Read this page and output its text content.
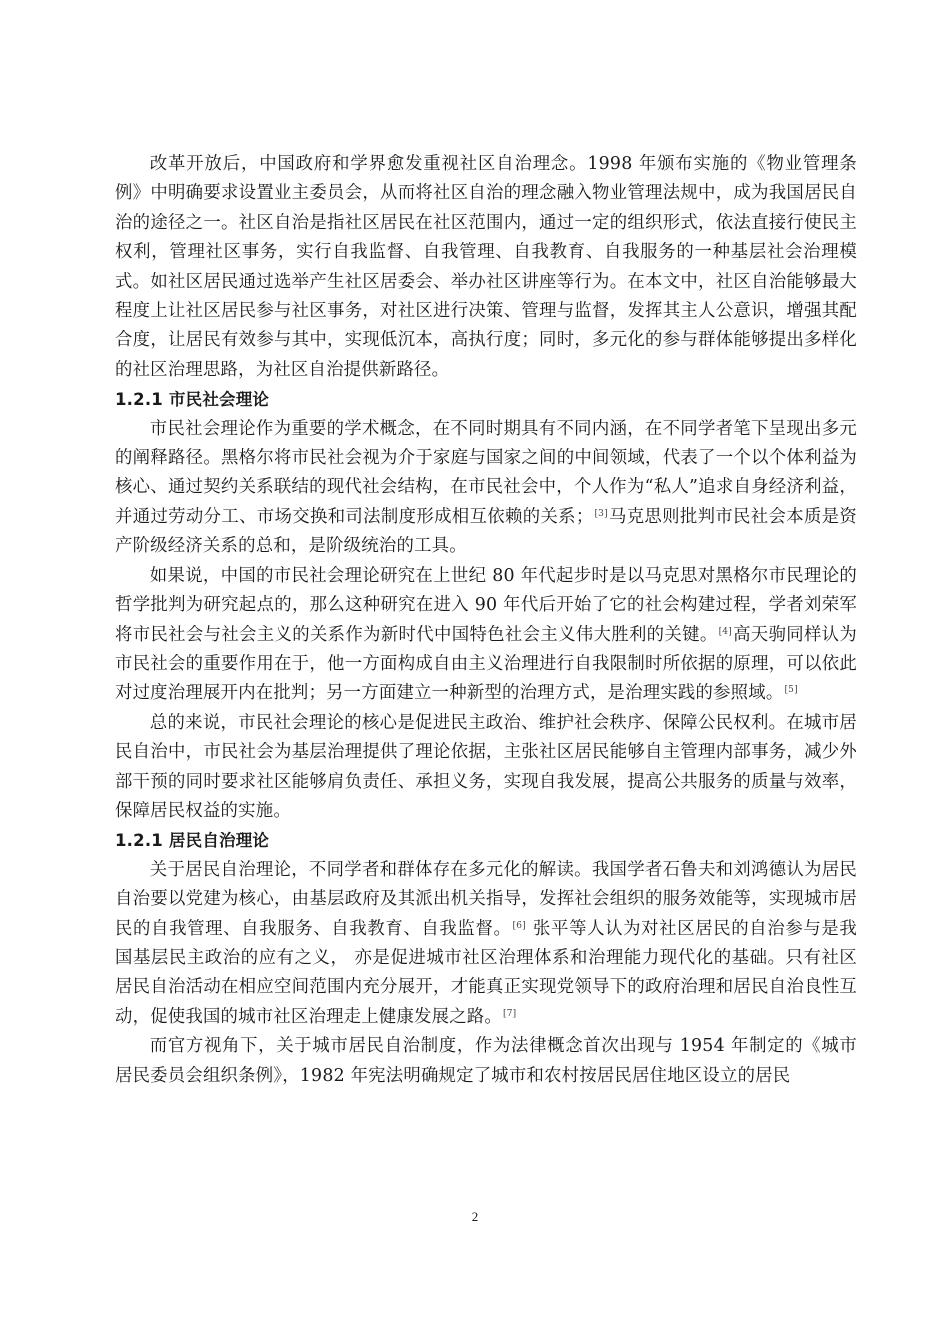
改革开放后，中国政府和学界愈发重视社区自治理念。1998 年颁布实施的《物业管理条例》中明确要求设置业主委员会，从而将社区自治的理念融入物业管理法规中，成为我国居民自治的途径之一。社区自治是指社区居民在社区范围内，通过一定的组织形式，依法直接行使民主权利，管理社区事务，实行自我监督、自我管理、自我教育、自我服务的一种基层社会治理模式。如社区居民通过选举产生社区居委会、举办社区讲座等行为。在本文中，社区自治能够最大程度上让社区居民参与社区事务，对社区进行决策、管理与监督，发挥其主人公意识，增强其配合度，让居民有效参与其中，实现低沉本，高执行度；同时，多元化的参与群体能够提出多样化的社区治理思路，为社区自治提供新路径。

1.2.1 市民社会理论

市民社会理论作为重要的学术概念，在不同时期具有不同内涵，在不同学者笔下呈现出多元的阐释路径。黑格尔将市民社会视为介于家庭与国家之间的中间领域，代表了一个以个体利益为核心、通过契约关系联结的现代社会结构，在市民社会中，个人作为“私人”追求自身经济利益，并通过劳动分工、市场交换和司法制度形成相互依赖的关系；[3]马克思则批判市民社会本质是资产阶级经济关系的总和，是阶级统治的工具。

如果说，中国的市民社会理论研究在上世纪 80 年代起步时是以马克思对黑格尔市民理论的哲学批判为研究起点的，那么这种研究在进入 90 年代后开始了它的社会构建过程，学者刘荣军将市民社会与社会主义的关系作为新时代中国特色社会主义伟大胜利的关键。[4]高天驹同样认为市民社会的重要作用在于，他一方面构成自由主义治理进行自我限制时所依据的原理，可以依此对过度治理展开内在批判；另一方面建立一种新型的治理方式，是治理实践的参照域。[5]

总的来说，市民社会理论的核心是促进民主政治、维护社会秩序、保障公民权利。在城市居民自治中，市民社会为基层治理提供了理论依据，主张社区居民能够自主管理内部事务，减少外部干预的同时要求社区能够肩负责任、承担义务，实现自我发展，提高公共服务的质量与效率，保障居民权益的实施。

1.2.1 居民自治理论

关于居民自治理论，不同学者和群体存在多元化的解读。我国学者石鲁夫和刘鸿德认为居民自治要以党建为核心，由基层政府及其派出机关指导，发挥社会组织的服务效能等，实现城市居民的自我管理、自我服务、自我教育、自我监督。[6] 张平等人认为对社区居民的自治参与是我国基层民主政治的应有之义， 亦是促进城市社区治理体系和治理能力现代化的基础。只有社区居民自治活动在相应空间范围内充分展开，才能真正实现党领导下的政府治理和居民自治良性互动，促使我国的城市社区治理走上健康发展之路。[7]

而官方视角下，关于城市居民自治制度，作为法律概念首次出现与 1954 年制定的《城市居民委员会组织条例》，1982 年宪法明确规定了城市和农村按居民居住地区设立的居民

2
